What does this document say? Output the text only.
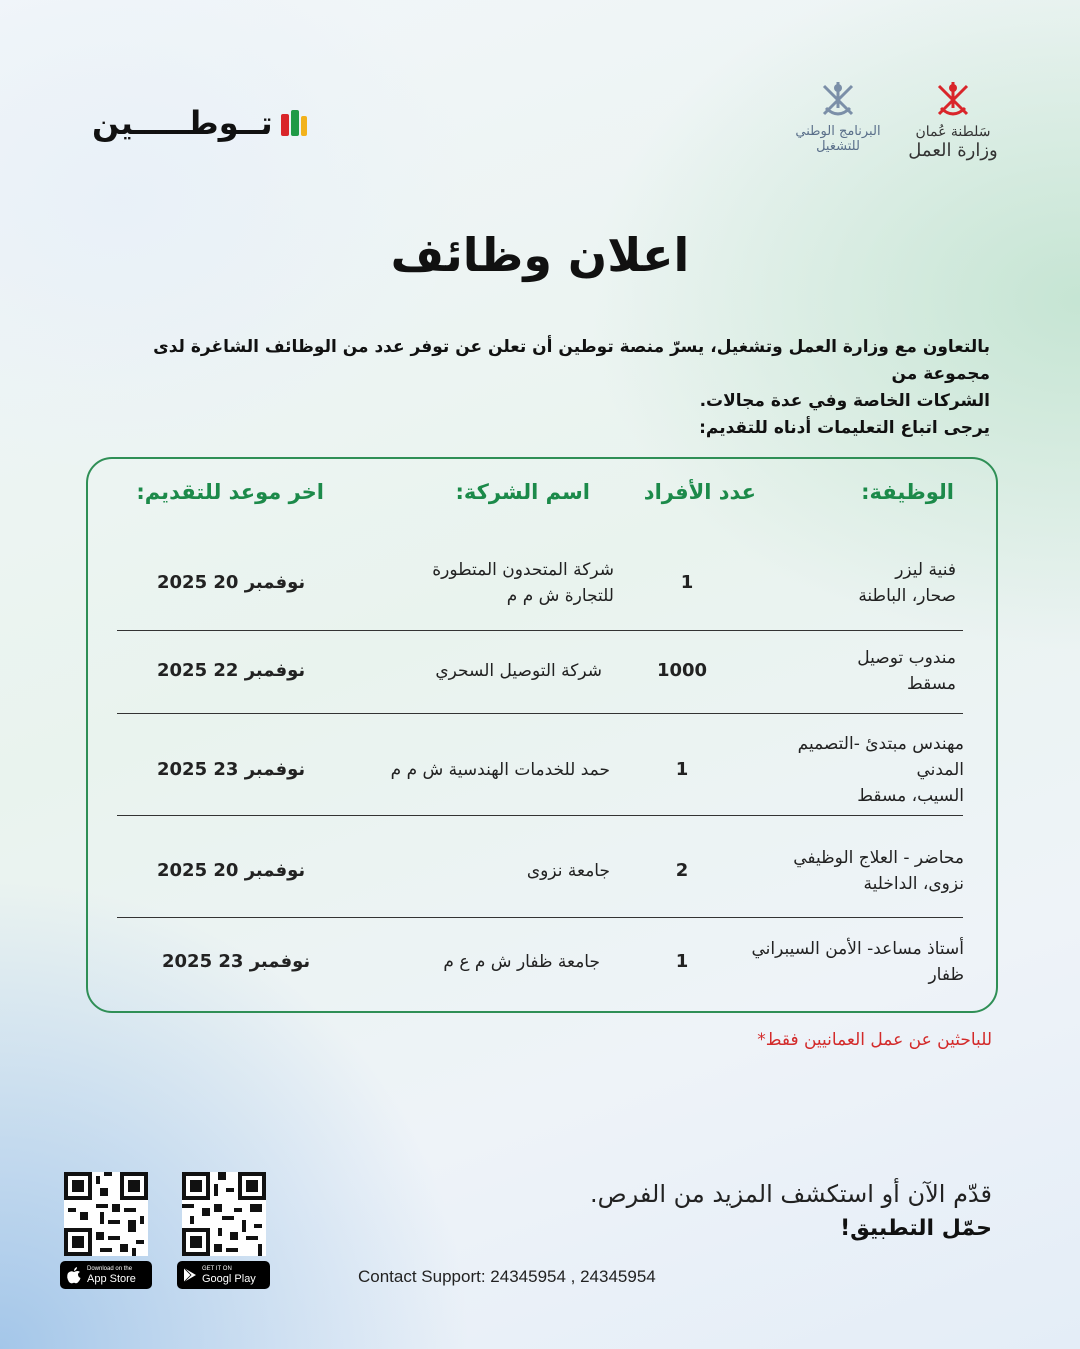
تــوطـــــين	البرنامج الوطني
للتشغيل
سَلطنة عُمان
وزارة العمل
اعلان وظائف

بالتعاون مع وزارة العمل وتشغيل، يسرّ منصة توطين أن تعلن عن توفر عدد من الوظائف الشاغرة لدى مجموعة من

الشركات الخاصة وفي عدة مجالات.

يرجى اتباع التعليمات أدناه للتقديم:

الوظيفة:
عدد الأفراد
اسم الشركة:
اخر موعد للتقديم:
فنية ليزر
صحار، الباطنة
1
شركة المتحدون المتطورة
للتجارة ش م م
2025 نوفمبر 20
مندوب توصيل
مسقط
1000
شركة التوصيل السحري
2025 نوفمبر 22
مهندس مبتدئ -التصميم
المدني
السيب، مسقط
1
حمد للخدمات الهندسية ش م م
2025 نوفمبر 23
محاضر - العلاج الوظيفي
نزوى، الداخلية
2
جامعة نزوى
2025 نوفمبر 20
أستاذ مساعد- الأمن السيبراني
ظفار
1
جامعة ظفار ش م ع م
2025 نوفمبر 23
للباحثين عن عمل العمانيين فقط*
قدّم الآن أو استكشف المزيد من الفرص.
حمّل التطبيق!
Contact Support: 24345954 , 24345954
Download on the
App Store
GET IT ON
Googl Play
